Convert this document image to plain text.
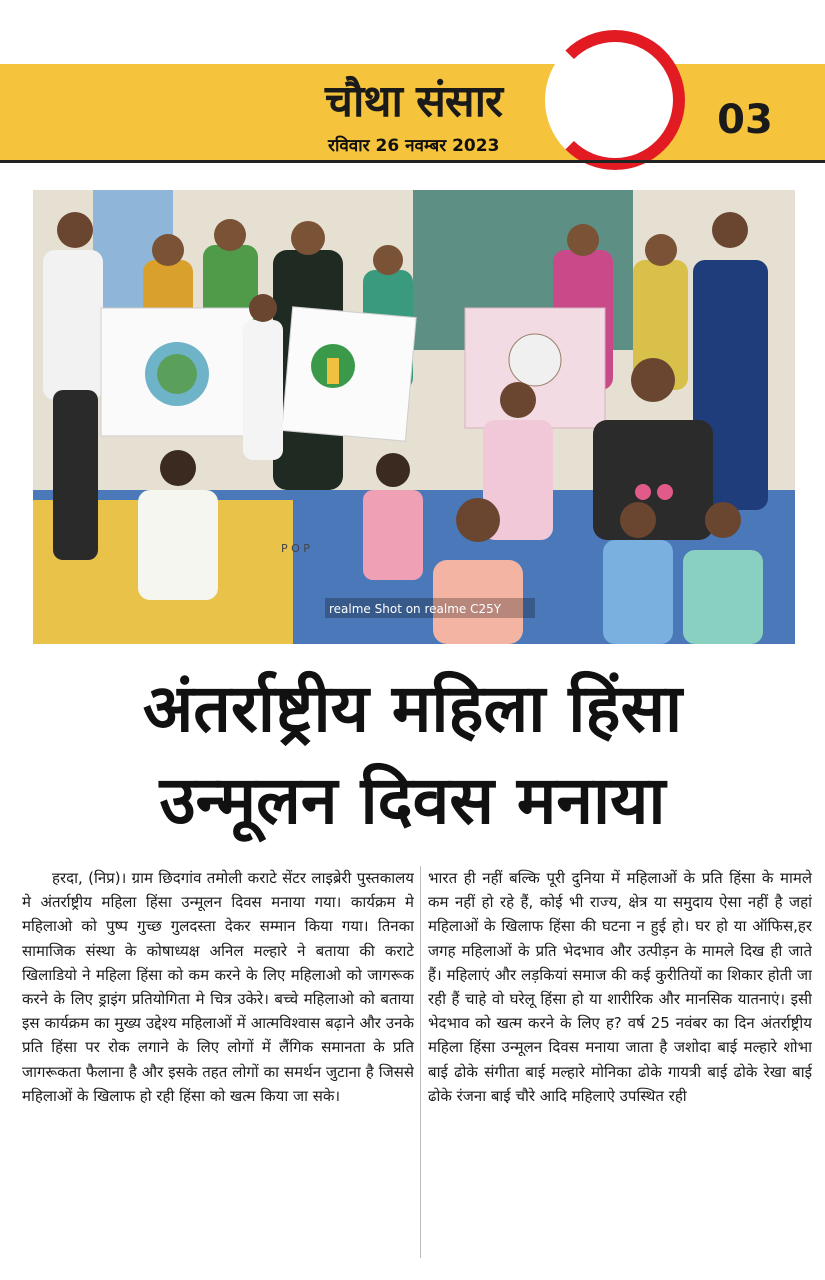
चौथा संसार
रविवार 26 नवम्बर 2023
03
P O P
realme Shot on realme C25Y
अंतर्राष्ट्रीय महिला हिंसा
उन्मूलन दिवस मनाया
हरदा, (निप्र)। ग्राम छिदगांव तमोली कराटे सेंटर लाइब्रेरी पुस्तकालय मे अंतर्राष्ट्रीय महिला हिंसा उन्मूलन दिवस मनाया गया। कार्यक्रम मे महिलाओ को पुष्प गुच्छ गुलदस्ता देकर सम्मान किया गया। तिनका सामाजिक संस्था के कोषाध्यक्ष अनिल मल्हारे ने बताया की कराटे खिलाडियो ने महिला हिंसा को कम करने के लिए महिलाओ को जागरूक करने के लिए ड्राइंग प्रतियोगिता मे चित्र उकेरे। बच्चे महिलाओ को बताया इस कार्यक्रम का मुख्य उद्देश्य महिलाओं में आत्मविश्वास बढ़ाने और उनके प्रति हिंसा पर रोक लगाने के लिए लोगों में लैंगिक समानता के प्रति जागरूकता फैलाना है और इसके तहत लोगों का समर्थन जुटाना है जिससे महिलाओं के खिलाफ हो रही हिंसा को खत्म किया जा सके।
भारत ही नहीं बल्कि पूरी दुनिया में महिलाओं के प्रति हिंसा के मामले कम नहीं हो रहे हैं, कोई भी राज्य, क्षेत्र या समुदाय ऐसा नहीं है जहां महिलाओं के खिलाफ हिंसा की घटना न हुई हो। घर हो या ऑफिस,हर जगह महिलाओं के प्रति भेदभाव और उत्पीड़न के मामले दिख ही जाते हैं। महिलाएं और लड़कियां समाज की कई कुरीतियों का शिकार होती जा रही हैं चाहे वो घरेलू हिंसा हो या शारीरिक और मानसिक यातनाएं। इसी भेदभाव को खत्म करने के लिए ह? वर्ष 25 नवंबर का दिन अंतर्राष्ट्रीय महिला हिंसा उन्मूलन दिवस मनाया जाता है जशोदा बाई मल्हारे शोभा बाई ढोके संगीता बाई मल्हारे मोनिका ढोके गायत्री बाई ढोके रेखा बाई ढोके रंजना बाई चौरे आदि महिलाऐ उपस्थित रही
